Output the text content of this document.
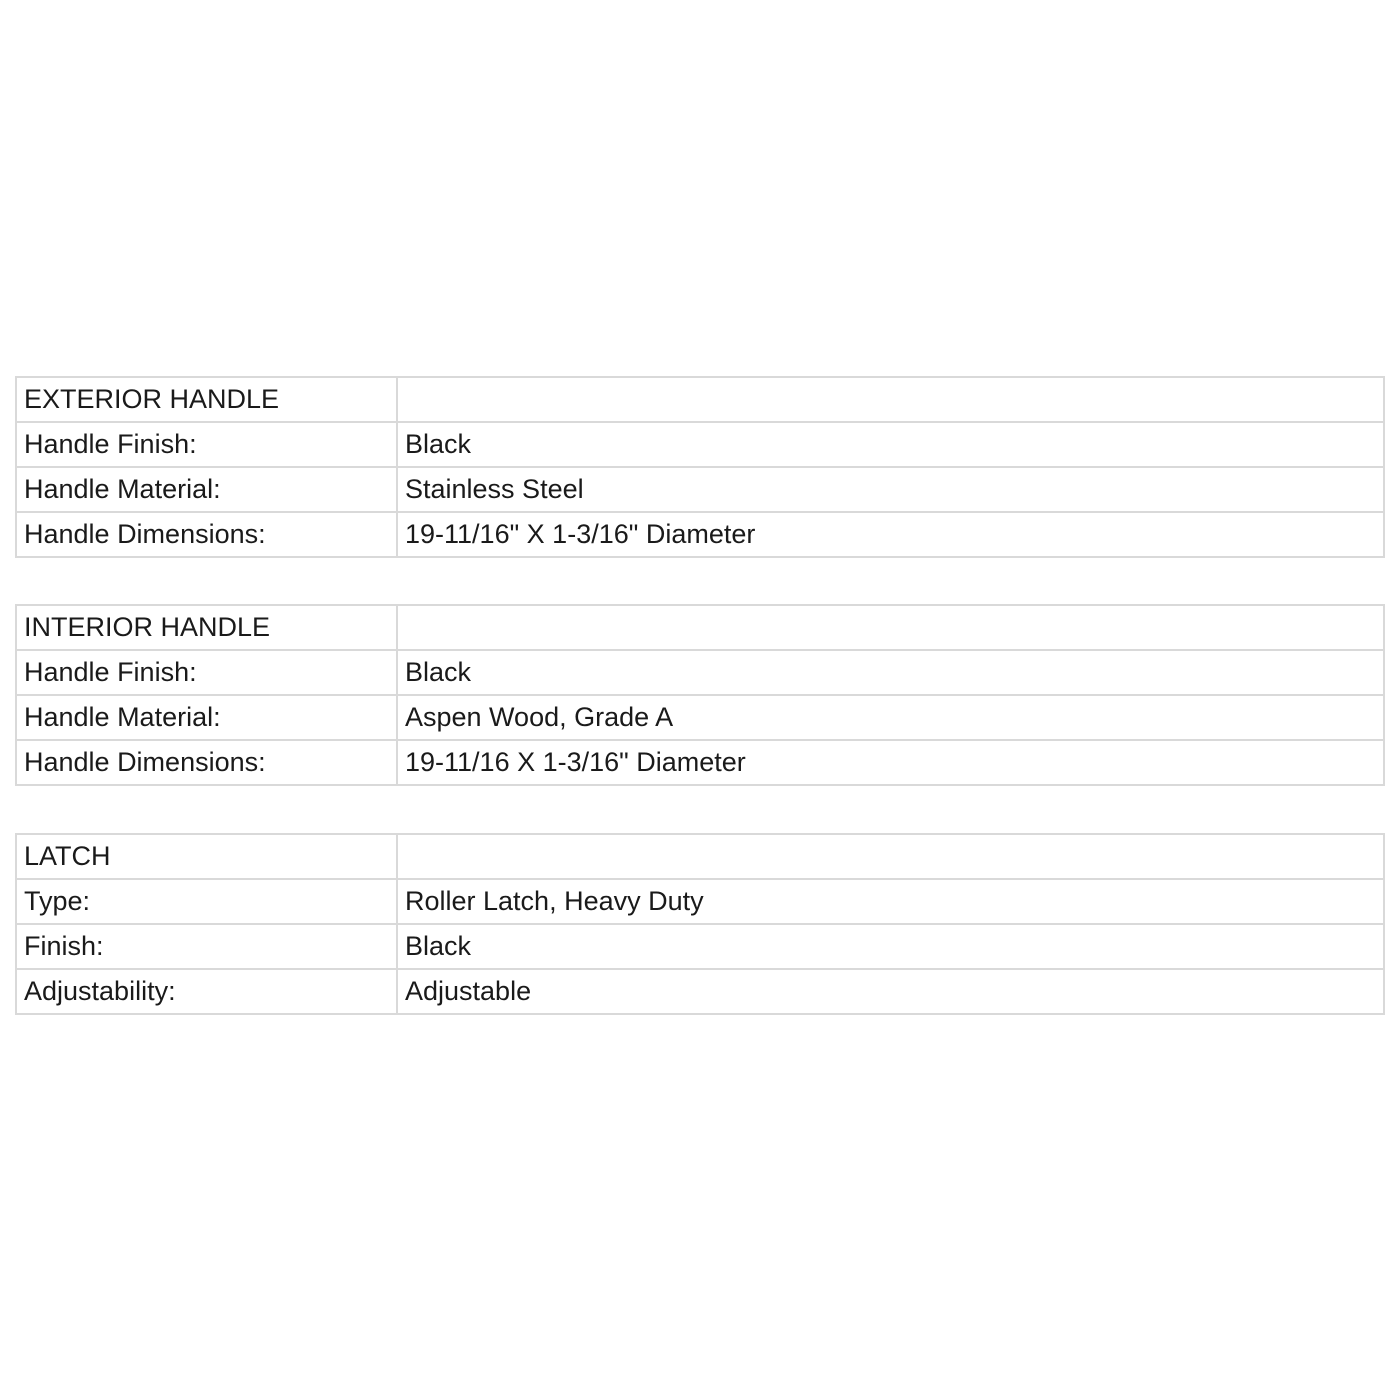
EXTERIOR HANDLE	
Handle Finish:	Black
Handle Material:	Stainless Steel
Handle Dimensions:	19-11/16" X 1-3/16" Diameter
INTERIOR HANDLE	
Handle Finish:	Black
Handle Material:	Aspen Wood, Grade A
Handle Dimensions:	19-11/16 X 1-3/16" Diameter
LATCH	
Type:	Roller Latch, Heavy Duty
Finish:	Black
Adjustability:	Adjustable
